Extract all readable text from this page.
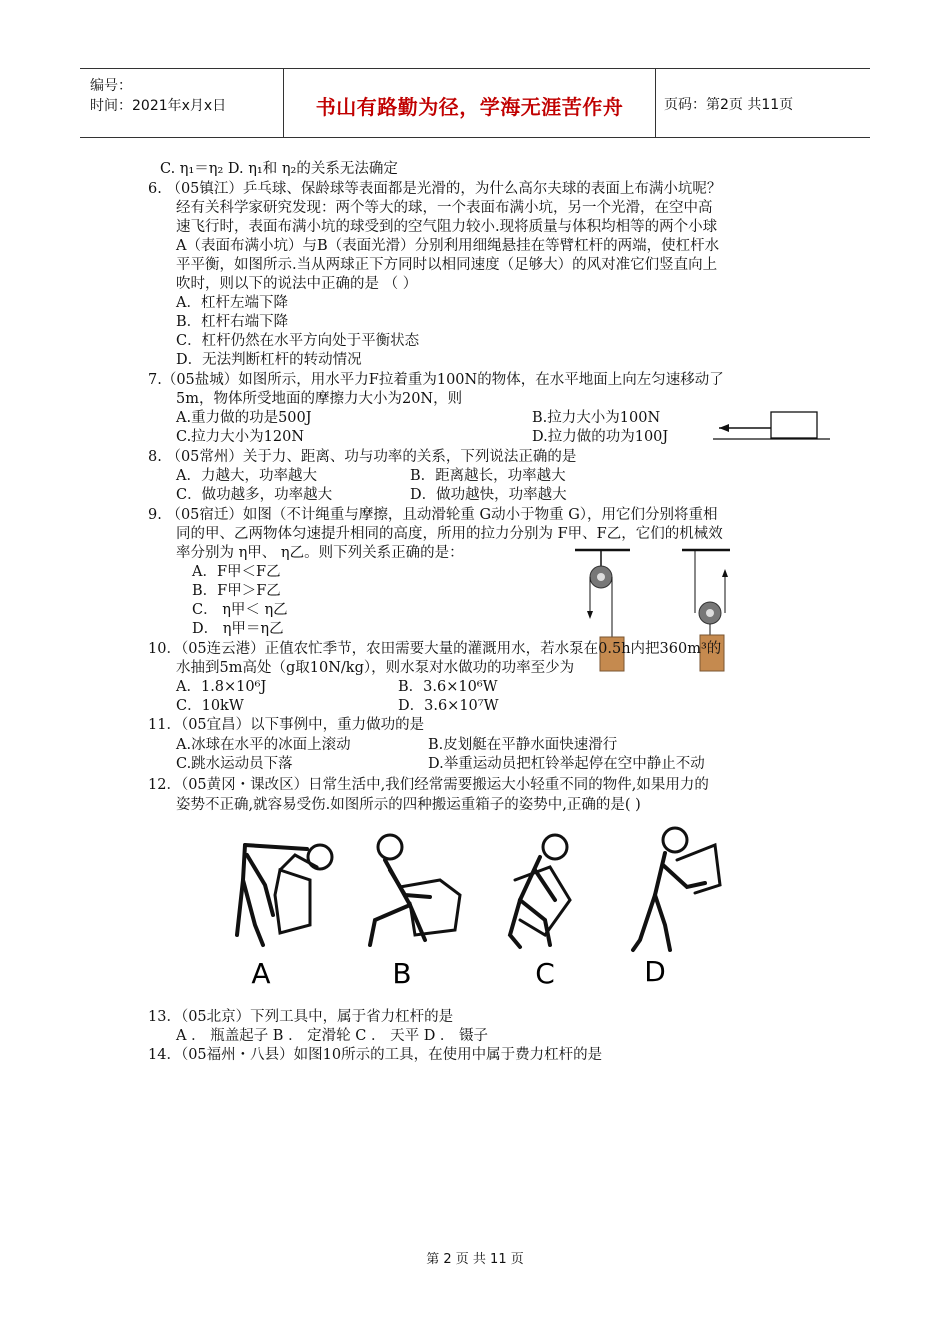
编号：
时间：2021年x月x日	书山有路勤为径，学海无涯苦作舟	页码：第2页 共11页
C. η₁＝η₂ D. η₁和 η₂的关系无法确定
6. （05镇江）乒乓球、保龄球等表面都是光滑的，为什么高尔夫球的表面上布满小坑呢？
经有关科学家研究发现：两个等大的球，一个表面布满小坑，另一个光滑，在空中高
速飞行时，表面布满小坑的球受到的空气阻力较小.现将质量与体积均相等的两个小球
A（表面布满小坑）与B（表面光滑）分别利用细绳悬挂在等臂杠杆的两端，使杠杆水
平平衡，如图所示.当从两球正下方同时以相同速度（足够大）的风对准它们竖直向上
吹时，则以下的说法中正确的是 （ ）
A．杠杆左端下降
B．杠杆右端下降
C．杠杆仍然在水平方向处于平衡状态
D．无法判断杠杆的转动情况
7.（05盐城）如图所示，用水平力F拉着重为100N的物体，在水平地面上向左匀速移动了
5m，物体所受地面的摩擦力大小为20N，则
A.重力做的功是500J	B.拉力大小为100N
C.拉力大小为120N	D.拉力做的功为100J
8. （05常州）关于力、距离、功与功率的关系，下列说法正确的是
A．力越大，功率越大	B．距离越长，功率越大
C．做功越多，功率越大	D．做功越快，功率越大
9. （05宿迁）如图（不计绳重与摩擦，且动滑轮重 G动小于物重 G），用它们分别将重相
同的甲、乙两物体匀速提升相同的高度，所用的拉力分别为 F甲、F乙，它们的机械效
率分别为 η甲、 η乙。则下列关系正确的是：
A．F甲＜F乙
B．F甲＞F乙
C． η甲＜ η乙
D． η甲＝η乙
10．（05连云港）正值农忙季节，农田需要大量的灌溉用水，若水泵在0.5h内把360m³的
水抽到5m高处（g取10N/kg），则水泵对水做功的功率至少为
A．1.8×10⁶J	B．3.6×10⁶W
C．10kW	D．3.6×10⁷W
11．（05宜昌）以下事例中，重力做功的是
A.冰球在水平的冰面上滚动	B.皮划艇在平静水面快速滑行
C.跳水运动员下落	D.举重运动员把杠铃举起停在空中静止不动
12．（05黄冈・课改区）日常生活中,我们经常需要搬运大小轻重不同的物件,如果用力的
姿势不正确,就容易受伤.如图所示的四种搬运重箱子的姿势中,正确的是( )
A	B	C	D
13．（05北京）下列工具中，属于省力杠杆的是
A ． 瓶盖起子 B ． 定滑轮 C ． 天平 D ． 镊子
14．（05福州・八县）如图10所示的工具，在使用中属于费力杠杆的是
第 2 页 共 11 页
